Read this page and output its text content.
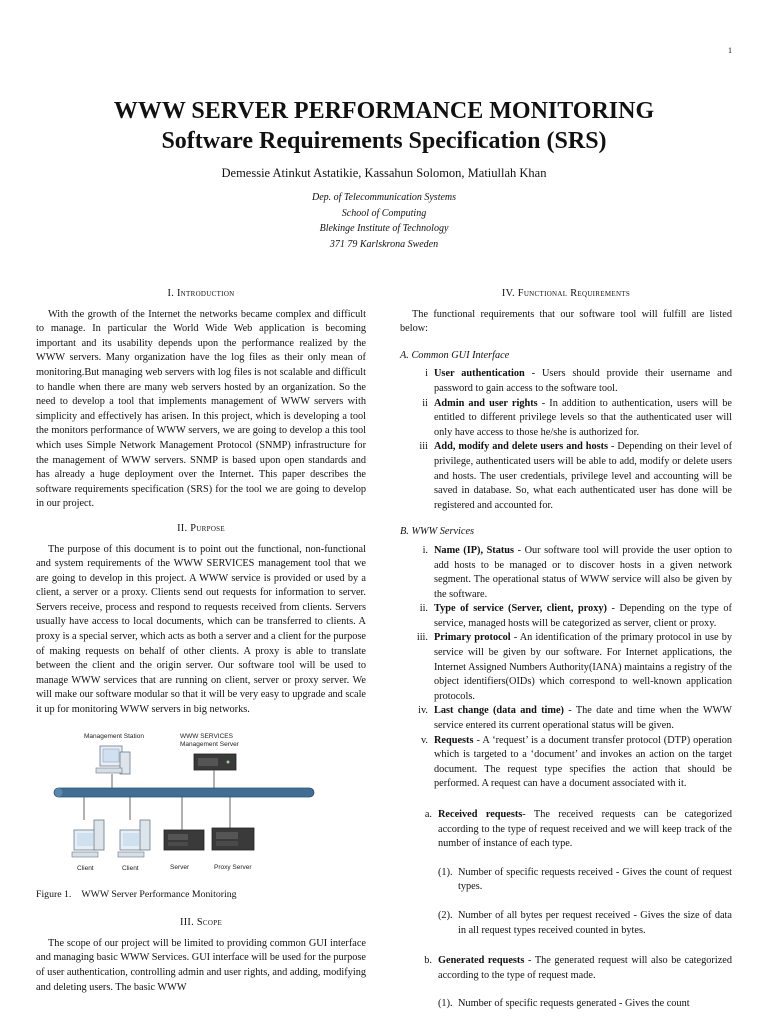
1
WWW SERVER PERFORMANCE MONITORING
Software Requirements Specification (SRS)
Demessie Atinkut Astatikie, Kassahun Solomon, Matiullah Khan
Dep. of Telecommunication Systems
School of Computing
Blekinge Institute of Technology
371 79 Karlskrona Sweden
I. Introduction

With the growth of the Internet the networks became complex and difficult to manage. In particular the World Wide Web application is becoming important and its usability depends upon the performance realized by the WWW servers. Many organization have the log files as their only mean of monitoring.But managing web servers with log files is not scalable and difficult to handle when there are many web servers hosted by an organization. So the need to develop a tool that implements management of WWW servers with simplicity and effectively has arisen. In this project, which is developing a tool the monitors performance of WWW servers, we are going to develop a this tool which uses Simple Network Management Protocol (SNMP) infrastructure for the management of WWW servers. SNMP is based upon open standards and has already a huge deployment over the Internet. This paper describes the software requirements specification (SRS) for the tool we are going to develop in our project.

II. Purpose

The purpose of this document is to point out the functional, non-functional and system requirements of the WWW SERVICES management tool that we are going to develop in this project. A WWW service is provided or used by a client, a server or a proxy. Clients send out requests for information to server. Servers receive, process and respond to requests received from clients. Servers usually have access to local documents, which can be transferred to clients. A proxy is a special server, which acts as both a server and a client for the purpose of making requests on behalf of other clients. A proxy is able to translate between the client and the origin server. Our software tool will be used to manage WWW services that are running on client, server or proxy server. We will make our software modular so that it will be very easy to upgrade and scale it up for monitoring WWW servers in big networks.

Management Station	WWW SERVICES
Management Server
Client	Client	Server	Proxy Server
Figure 1. WWW Server Performance Monitoring
III. Scope

The scope of our project will be limited to providing common GUI interface and managing basic WWW Services. GUI interface will be used for the purpose of user authentication, controlling admin and user rights, and adding, modifying and deleting users. The basic WWW

IV. Functional Requirements

The functional requirements that our software tool will fulfill are listed below:

A. Common GUI Interface
i User authentication - Users should provide their username and password to gain access to the software tool.
ii Admin and user rights - In addition to authentication, users will be entitled to different privilege levels so that the authenticated user will only have access to those he/she is authorized for.
iii Add, modify and delete users and hosts - Depending on their level of privilege, authenticated users will be able to add, modify or delete users and hosts. The user credentials, privilege level and accounting will be saved in database. So, what each authenticated user has done will be registered and accounted for.
B. WWW Services
i. Name (IP), Status - Our software tool will provide the user option to add hosts to be managed or to discover hosts in a given network segment. The operational status of WWW service will also be given by the software.
ii. Type of service (Server, client, proxy) - Depending on the type of service, managed hosts will be categorized as server, client or proxy.
iii. Primary protocol - An identification of the primary protocol in use by service will be given by our software. For Internet applications, the Internet Assigned Numbers Authority(IANA) maintains a registry of the object identifiers(OIDs) which correspond to well-known application protocols.
iv. Last change (data and time) - The date and time when the WWW service entered its current operational status will be given.
v. Requests - A ‘request’ is a document transfer protocol (DTP) operation which is targeted to a ‘document’ and invokes an action on the target document. The request type specifies the action that should be performed. A request can have a document associated with it.
a. Received requests- The received requests can be categorized according to the type of request received and we will keep track of the number of instance of each type.
(1). Number of specific requests received - Gives the count of request types.
(2). Number of all bytes per request received - Gives the size of data in all request types received counted in bytes.
b. Generated requests - The generated request will also be categorized according to the type of request made.
(1). Number of specific requests generated - Gives the count
